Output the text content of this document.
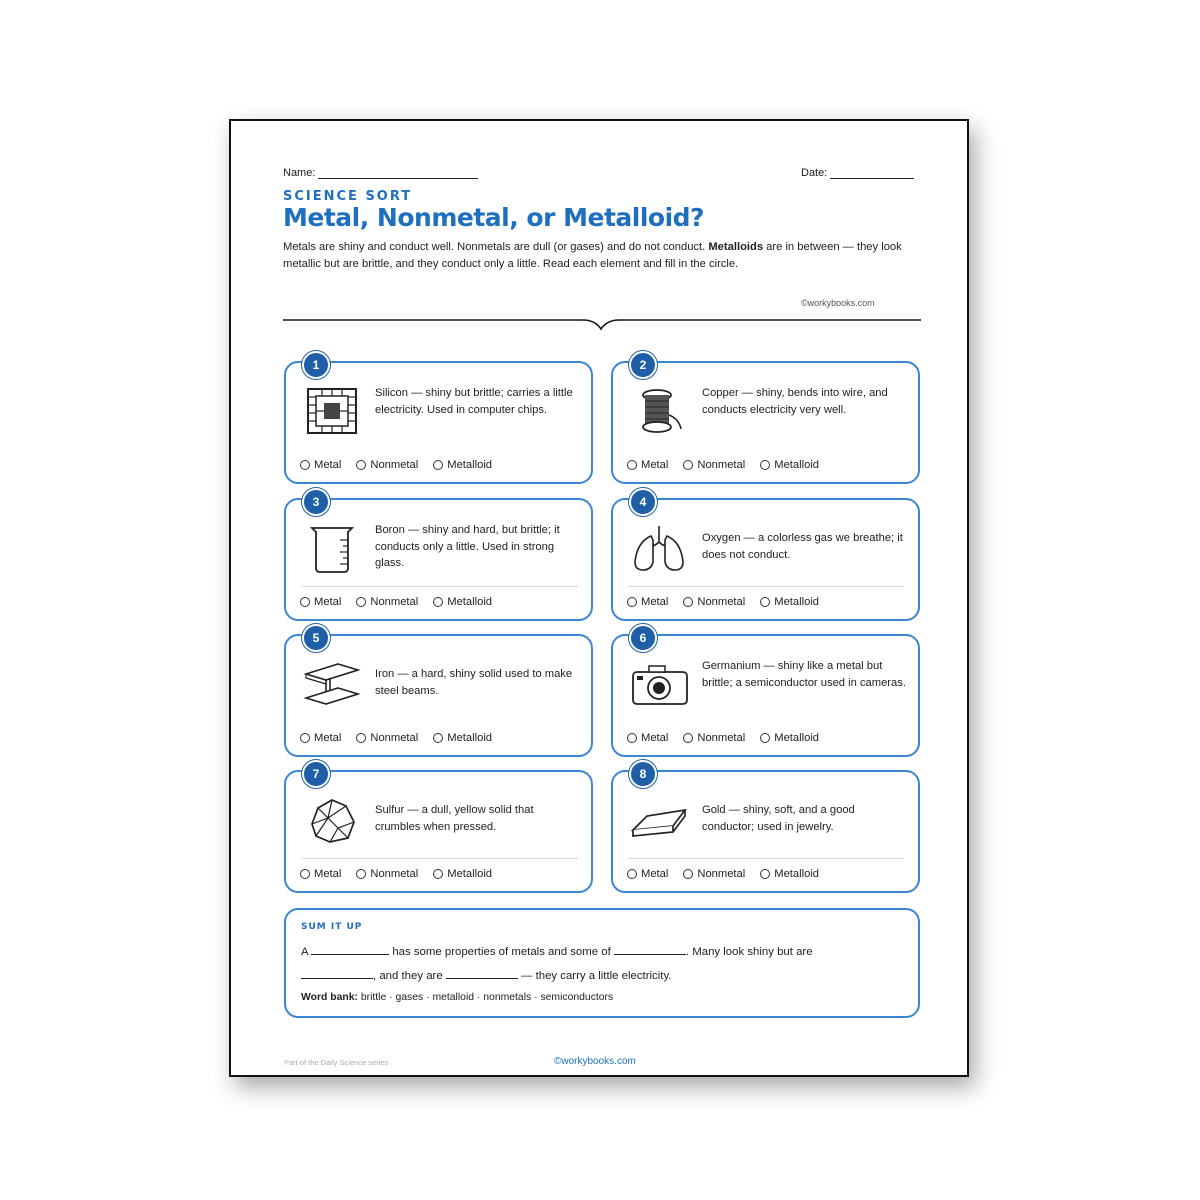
Name:	Date:
SCIENCE SORT
Metal, Nonmetal, or Metalloid?
Metals are shiny and conduct well. Nonmetals are dull (or gases) and do not conduct. Metalloids are in between — they look metallic but are brittle, and they conduct only a little. Read each element and fill in the circle.
©workybooks.com
1
Silicon — shiny but brittle; carries a little electricity. Used in computer chips.
Metal	Nonmetal	Metalloid
2
Copper — shiny, bends into wire, and conducts electricity very well.
Metal	Nonmetal	Metalloid
3
Boron — shiny and hard, but brittle; it conducts only a little. Used in strong glass.
Metal	Nonmetal	Metalloid
4
Oxygen — a colorless gas we breathe; it does not conduct.
Metal	Nonmetal	Metalloid
5
Iron — a hard, shiny solid used to make steel beams.
Metal	Nonmetal	Metalloid
6
Germanium — shiny like a metal but brittle; a semiconductor used in cameras.
Metal	Nonmetal	Metalloid
7
Sulfur — a dull, yellow solid that crumbles when pressed.
Metal	Nonmetal	Metalloid
8
Gold — shiny, soft, and a good conductor; used in jewelry.
Metal	Nonmetal	Metalloid
SUM IT UP
A	has some properties of metals and some of	. Many look shiny but are
, and they are	— they carry a little electricity.
Word bank: brittle · gases · metalloid · nonmetals · semiconductors
Part of the Daily Science series	©workybooks.com
